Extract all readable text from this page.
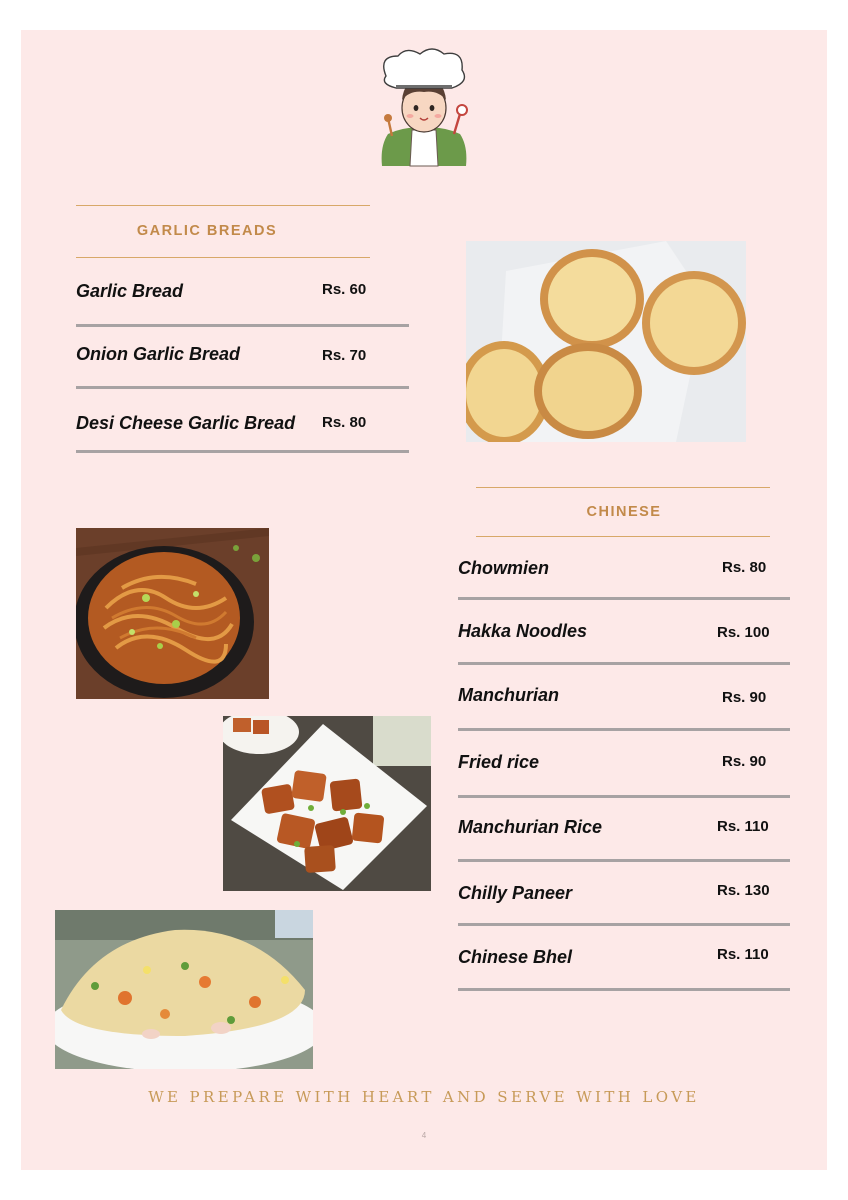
GARLIC BREADS
Garlic Bread	Rs. 60
Onion Garlic Bread	Rs. 70
Desi Cheese Garlic Bread Rs. 80
CHINESE
Chowmien	Rs. 80
Hakka Noodles	Rs. 100
Manchurian	Rs. 90
Fried rice	Rs. 90
Manchurian Rice	Rs. 110
Chilly Paneer	Rs. 130
Chinese Bhel	Rs. 110
WE PREPARE WITH HEART AND SERVE WITH LOVE
4
